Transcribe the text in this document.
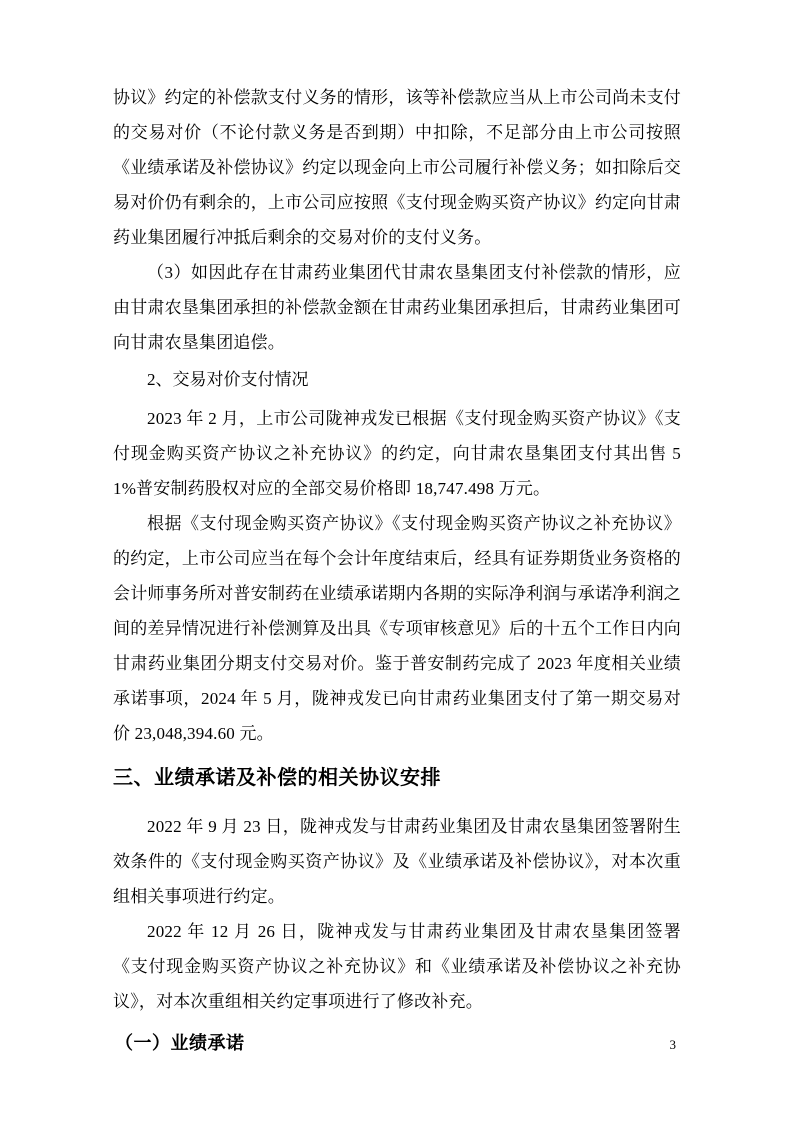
协议》约定的补偿款支付义务的情形，该等补偿款应当从上市公司尚未支付的交易对价（不论付款义务是否到期）中扣除，不足部分由上市公司按照《业绩承诺及补偿协议》约定以现金向上市公司履行补偿义务；如扣除后交易对价仍有剩余的，上市公司应按照《支付现金购买资产协议》约定向甘肃药业集团履行冲抵后剩余的交易对价的支付义务。

（3）如因此存在甘肃药业集团代甘肃农垦集团支付补偿款的情形，应由甘肃农垦集团承担的补偿款金额在甘肃药业集团承担后，甘肃药业集团可向甘肃农垦集团追偿。

2、交易对价支付情况

2023 年 2 月，上市公司陇神戎发已根据《支付现金购买资产协议》《支付现金购买资产协议之补充协议》的约定，向甘肃农垦集团支付其出售 51%普安制药股权对应的全部交易价格即 18,747.498 万元。

根据《支付现金购买资产协议》《支付现金购买资产协议之补充协议》的约定，上市公司应当在每个会计年度结束后，经具有证券期货业务资格的会计师事务所对普安制药在业绩承诺期内各期的实际净利润与承诺净利润之间的差异情况进行补偿测算及出具《专项审核意见》后的十五个工作日内向甘肃药业集团分期支付交易对价。鉴于普安制药完成了 2023 年度相关业绩承诺事项，2024 年 5 月，陇神戎发已向甘肃药业集团支付了第一期交易对价 23,048,394.60 元。

三、业绩承诺及补偿的相关协议安排

2022 年 9 月 23 日，陇神戎发与甘肃药业集团及甘肃农垦集团签署附生效条件的《支付现金购买资产协议》及《业绩承诺及补偿协议》，对本次重组相关事项进行约定。

2022 年 12 月 26 日，陇神戎发与甘肃药业集团及甘肃农垦集团签署《支付现金购买资产协议之补充协议》和《业绩承诺及补偿协议之补充协议》，对本次重组相关约定事项进行了修改补充。

（一）业绩承诺	3
